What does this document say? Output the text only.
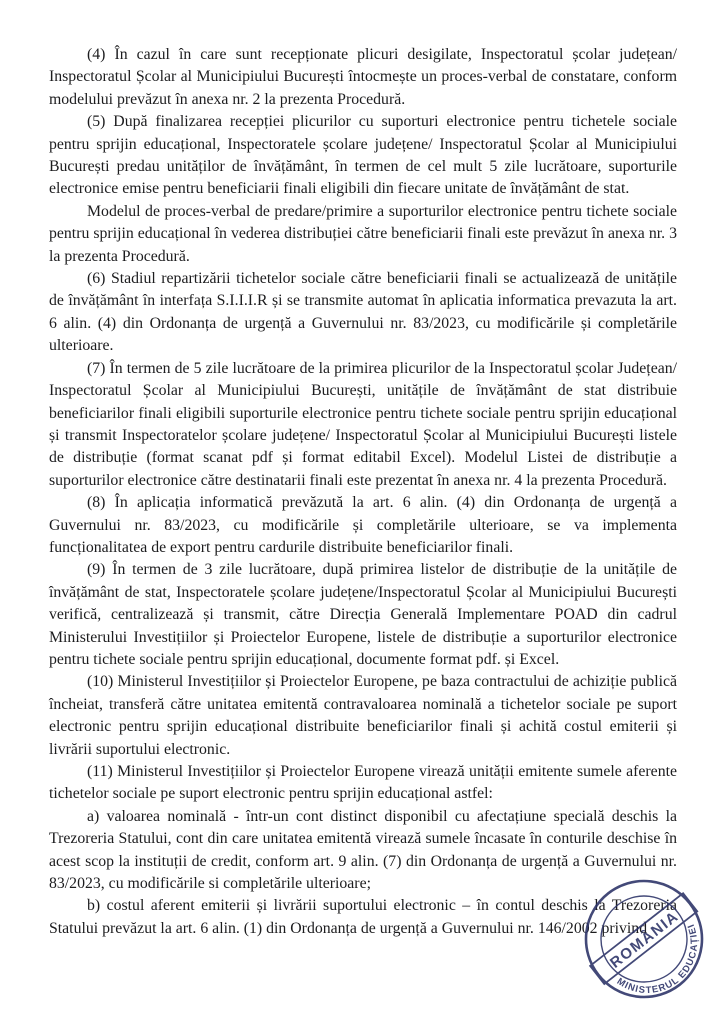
(4) În cazul în care sunt recepționate plicuri desigilate, Inspectoratul școlar județean/ Inspectoratul Școlar al Municipiului București întocmește un proces-verbal de constatare, conform modelului prevăzut în anexa nr. 2 la prezenta Procedură.

(5) După finalizarea recepției plicurilor cu suporturi electronice pentru tichetele sociale pentru sprijin educațional, Inspectoratele școlare județene/ Inspectoratul Școlar al Municipiului București predau unităților de învățământ, în termen de cel mult 5 zile lucrătoare, suporturile electronice emise pentru beneficiarii finali eligibili din fiecare unitate de învățământ de stat.

Modelul de proces-verbal de predare/primire a suporturilor electronice pentru tichete sociale pentru sprijin educațional în vederea distribuției către beneficiarii finali este prevăzut în anexa nr. 3 la prezenta Procedură.

(6) Stadiul repartizării tichetelor sociale către beneficiarii finali se actualizează de unitățile de învățământ în interfața S.I.I.I.R și se transmite automat în aplicatia informatica prevazuta la art. 6 alin. (4) din Ordonanța de urgență a Guvernului nr. 83/2023, cu modificările și completările ulterioare.

(7) În termen de 5 zile lucrătoare de la primirea plicurilor de la Inspectoratul școlar Județean/ Inspectoratul Școlar al Municipiului București, unitățile de învățământ de stat distribuie beneficiarilor finali eligibili suporturile electronice pentru tichete sociale pentru sprijin educațional și transmit Inspectoratelor școlare județene/ Inspectoratul Școlar al Municipiului București listele de distribuție (format scanat pdf și format editabil Excel). Modelul Listei de distribuție a suporturilor electronice către destinatarii finali este prezentat în anexa nr. 4 la prezenta Procedură.

(8) În aplicația informatică prevăzută la art. 6 alin. (4) din Ordonanța de urgență a Guvernului nr. 83/2023, cu modificările și completările ulterioare, se va implementa funcționalitatea de export pentru cardurile distribuite beneficiarilor finali.

(9) În termen de 3 zile lucrătoare, după primirea listelor de distribuție de la unitățile de învățământ de stat, Inspectoratele școlare județene/Inspectoratul Școlar al Municipiului București verifică, centralizează și transmit, către Direcția Generală Implementare POAD din cadrul Ministerului Investițiilor și Proiectelor Europene, listele de distribuție a suporturilor electronice pentru tichete sociale pentru sprijin educațional, documente format pdf. și Excel.

(10) Ministerul Investițiilor și Proiectelor Europene, pe baza contractului de achiziție publică încheiat, transferă către unitatea emitentă contravaloarea nominală a tichetelor sociale pe suport electronic pentru sprijin educațional distribuite beneficiarilor finali și achită costul emiterii și livrării suportului electronic.

(11) Ministerul Investițiilor și Proiectelor Europene virează unității emitente sumele aferente tichetelor sociale pe suport electronic pentru sprijin educațional astfel:

a) valoarea nominală - într-un cont distinct disponibil cu afectațiune specială deschis la Trezoreria Statului, cont din care unitatea emitentă virează sumele încasate în conturile deschise în acest scop la instituții de credit, conform art. 9 alin. (7) din Ordonanța de urgență a Guvernului nr. 83/2023, cu modificările si completările ulterioare;

b) costul aferent emiterii și livrării suportului electronic – în contul deschis la Trezoreria Statului prevăzut la art. 6 alin. (1) din Ordonanța de urgență a Guvernului nr. 146/2002 privind

ROMÂNIA
MINISTERUL EDUCAȚIEI
